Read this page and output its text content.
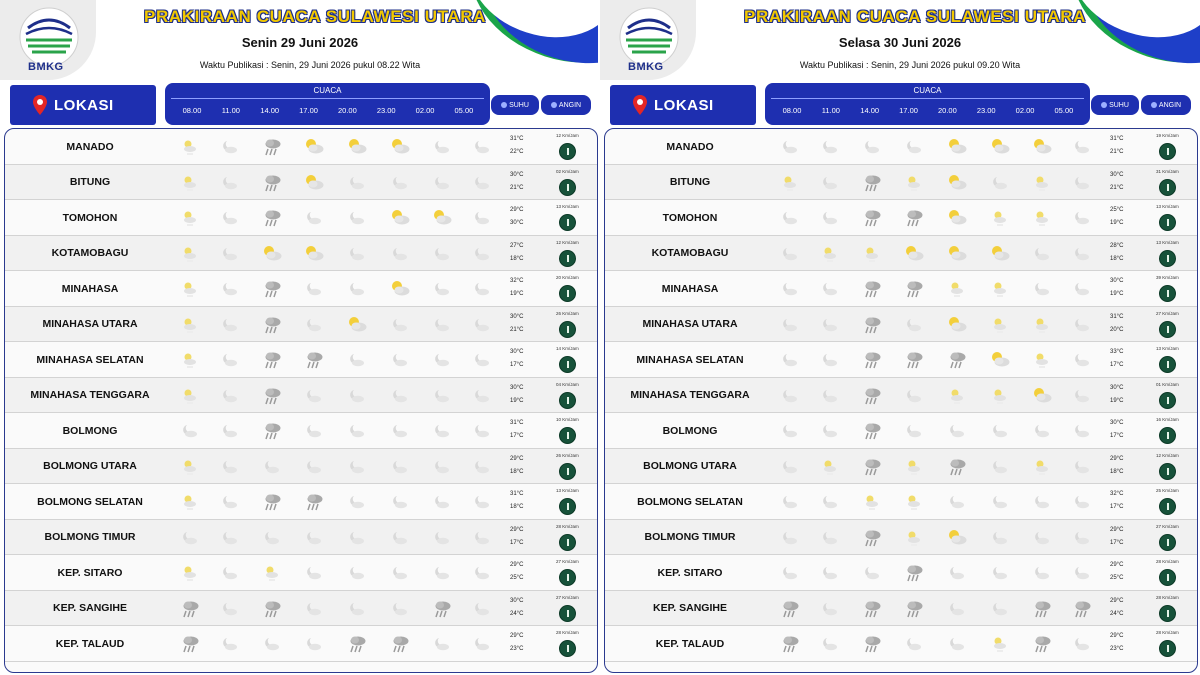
BMKG
PRAKIRAAN CUACA SULAWESI UTARA
Senin 29 Juni 2026
Waktu Publikasi : Senin, 29 Juni 2026 pukul 08.22 Wita
LOKASI
CUACA
08.00	11.00	14.00	17.00	20.00	23.00	02.00	05.00
SUHU	ANGIN
MANADO
31°C
22°C
12 Km/Jam
BITUNG
30°C
21°C
02 Km/Jam
TOMOHON
29°C
30°C
13 Km/Jam
KOTAMOBAGU
27°C
18°C
12 Km/Jam
MINAHASA
32°C
19°C
20 Km/Jam
MINAHASA UTARA
30°C
21°C
26 Km/Jam
MINAHASA SELATAN
30°C
17°C
14 Km/Jam
MINAHASA TENGGARA
30°C
19°C
04 Km/Jam
BOLMONG
31°C
17°C
10 Km/Jam
BOLMONG UTARA
29°C
18°C
26 Km/Jam
BOLMONG SELATAN
31°C
18°C
13 Km/Jam
BOLMONG TIMUR
29°C
17°C
28 Km/Jam
KEP. SITARO
29°C
25°C
27 Km/Jam
KEP. SANGIHE
30°C
24°C
27 Km/Jam
KEP. TALAUD
29°C
23°C
28 Km/Jam
BMKG
PRAKIRAAN CUACA SULAWESI UTARA
Selasa 30 Juni 2026
Waktu Publikasi : Senin, 29 Juni 2026 pukul 09.20 Wita
LOKASI
CUACA
08.00	11.00	14.00	17.00	20.00	23.00	02.00	05.00
SUHU	ANGIN
MANADO
31°C
21°C
19 Km/Jam
BITUNG
30°C
21°C
31 Km/Jam
TOMOHON
25°C
19°C
13 Km/Jam
KOTAMOBAGU
28°C
18°C
13 Km/Jam
MINAHASA
30°C
19°C
39 Km/Jam
MINAHASA UTARA
31°C
20°C
27 Km/Jam
MINAHASA SELATAN
33°C
17°C
13 Km/Jam
MINAHASA TENGGARA
30°C
19°C
01 Km/Jam
BOLMONG
30°C
17°C
16 Km/Jam
BOLMONG UTARA
29°C
18°C
12 Km/Jam
BOLMONG SELATAN
32°C
17°C
25 Km/Jam
BOLMONG TIMUR
29°C
17°C
27 Km/Jam
KEP. SITARO
29°C
25°C
28 Km/Jam
KEP. SANGIHE
29°C
24°C
28 Km/Jam
KEP. TALAUD
29°C
23°C
28 Km/Jam
